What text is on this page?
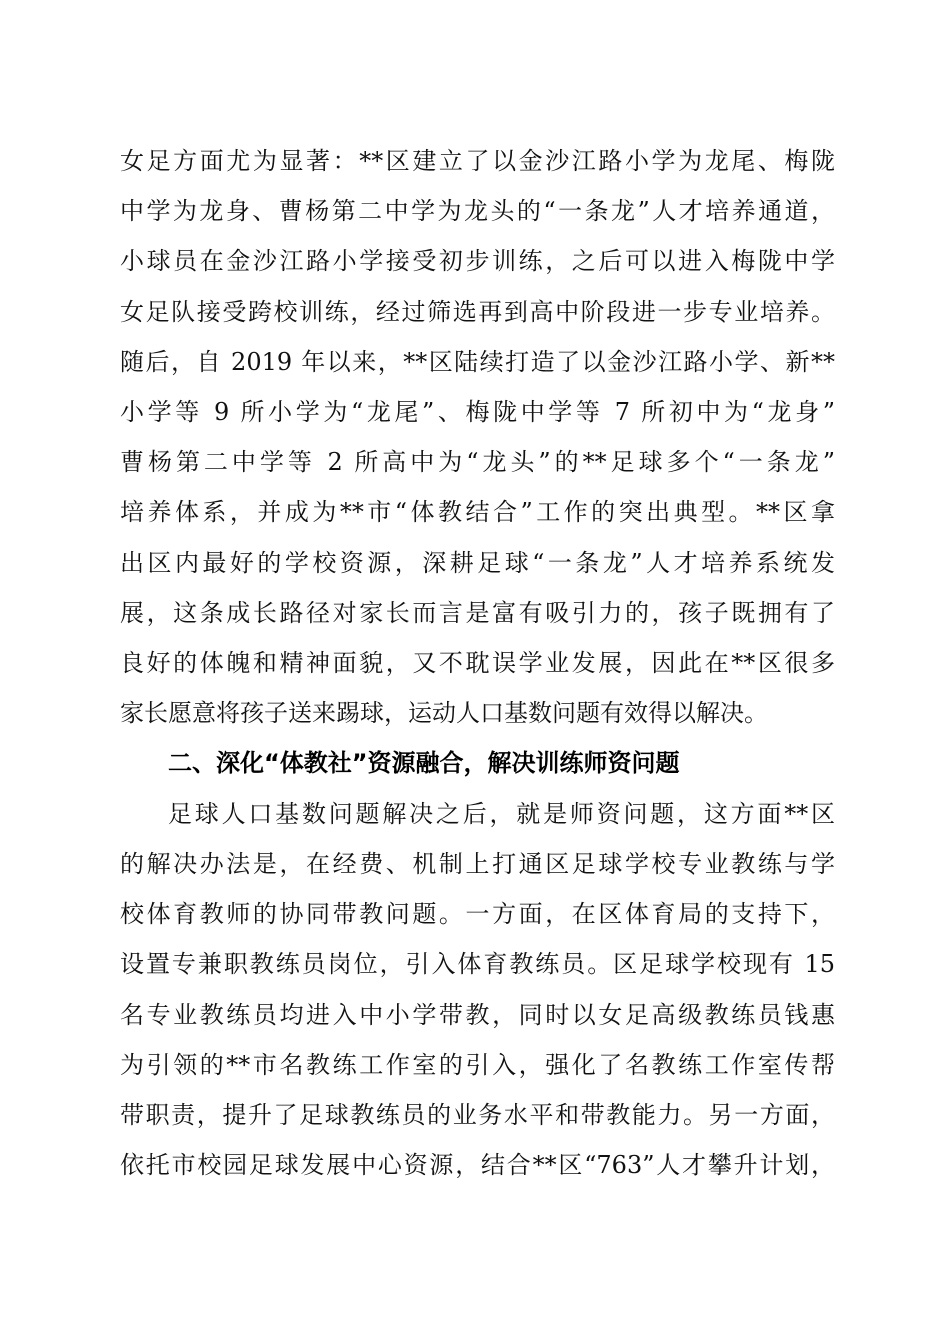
女足方面尤为显著：**区建立了以金沙江路小学为龙尾、梅陇
中学为龙身、曹杨第二中学为龙头的“一条龙”人才培养通道，
小球员在金沙江路小学接受初步训练，之后可以进入梅陇中学
女足队接受跨校训练，经过筛选再到高中阶段进一步专业培养。
随后，自 2019 年以来，**区陆续打造了以金沙江路小学、新**
小学等 9 所小学为“龙尾”、梅陇中学等 7 所初中为“龙身”
曹杨第二中学等 2 所高中为“龙头”的**足球多个“一条龙”
培养体系，并成为**市“体教结合”工作的突出典型。**区拿
出区内最好的学校资源，深耕足球“一条龙”人才培养系统发
展，这条成长路径对家长而言是富有吸引力的，孩子既拥有了
良好的体魄和精神面貌，又不耽误学业发展，因此在**区很多
家长愿意将孩子送来踢球，运动人口基数问题有效得以解决。
二、深化“体教社”资源融合，解决训练师资问题
足球人口基数问题解决之后，就是师资问题，这方面**区
的解决办法是，在经费、机制上打通区足球学校专业教练与学
校体育教师的协同带教问题。一方面，在区体育局的支持下，
设置专兼职教练员岗位，引入体育教练员。区足球学校现有 15
名专业教练员均进入中小学带教，同时以女足高级教练员钱惠
为引领的**市名教练工作室的引入，强化了名教练工作室传帮
带职责，提升了足球教练员的业务水平和带教能力。另一方面，
依托市校园足球发展中心资源，结合**区“763”人才攀升计划，
